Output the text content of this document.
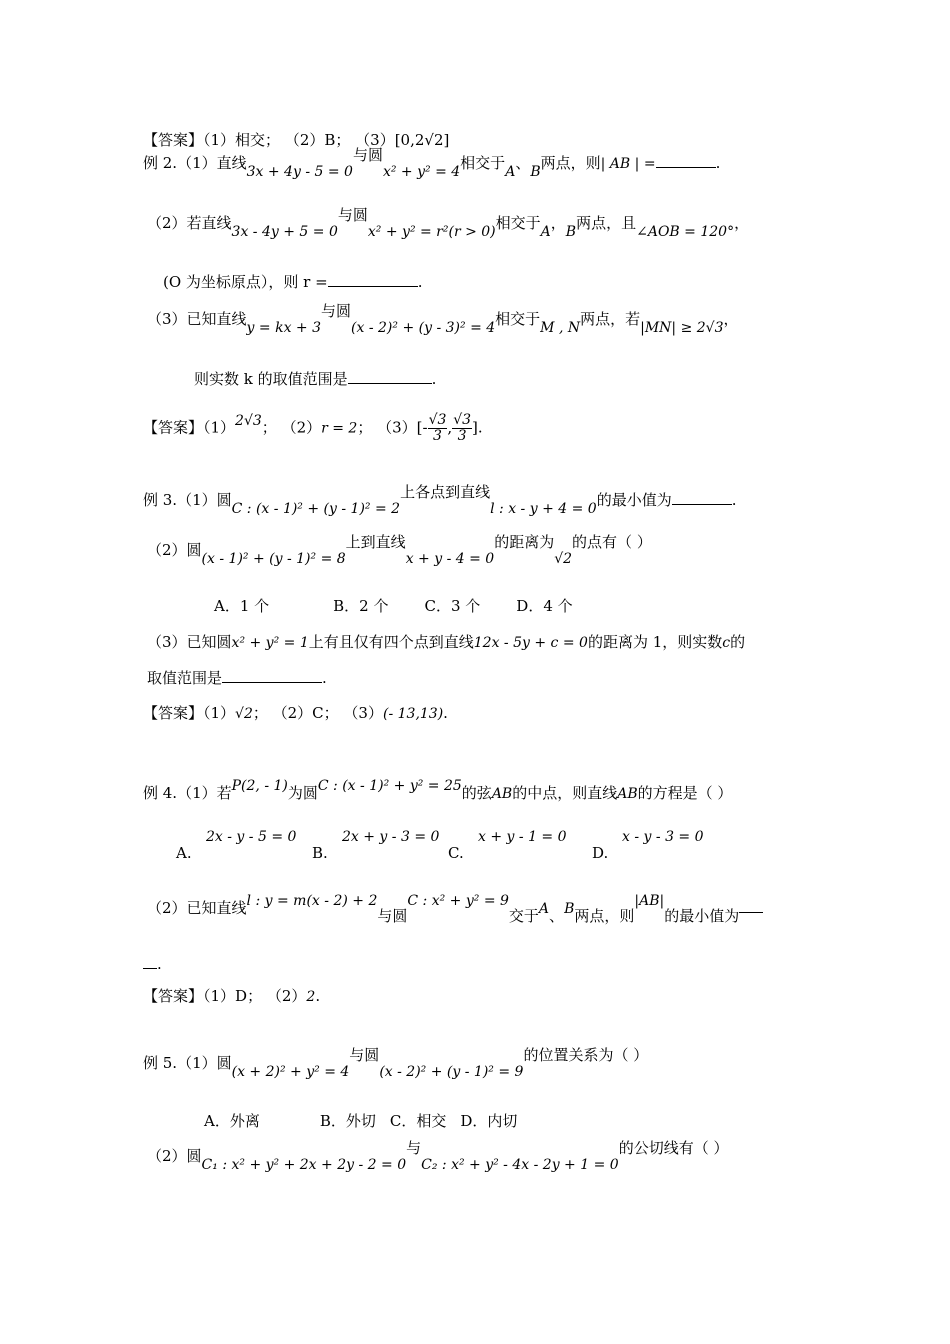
【答案】（1）相交； （2）B； （3）[0,2√2]
例 2.（1）直线3x + 4y - 5 = 0与圆x² + y² = 4相交于A、B两点，则| AB | =	.
（2）若直线3x - 4y + 5 = 0与圆x² + y² = r²(r > 0)相交于A，B两点，且∠AOB = 120°，
(O 为坐标原点），则 r =	.
（3）已知直线y = kx + 3与圆(x - 2)² + (y - 3)² = 4相交于M , N两点，若|MN| ≥ 2√3，
则实数 k 的取值范围是	.
【答案】（1）2√3； （2）r = 2； $(3)[- \frac{√3}{3}$ , $\frac{√3}{3}$ ].
例 3.（1）圆C : (x - 1)² + (y - 1)² = 2上各点到直线l : x - y + 4 = 0的最小值为	.
（2）圆(x - 1)² + (y - 1)² = 8上到直线x + y - 4 = 0的距离为√2的点有（ ）
A．1 个	B．2 个 C．3 个 D．4 个
（3）已知圆x² + y² = 1上有且仅有四个点到直线12x - 5y + c = 0的距离为 1，则实数c的
取值范围是	.
【答案】（1）√2； （2）C； （3）(- 13,13).
例 4.（1）若P(2, - 1)为圆C : (x - 1)² + y² = 25的弦AB的中点，则直线AB的方程是（ ）
2x - y - 5 = 0
A.
2x + y - 3 = 0
B.
x + y - 1 = 0
C.
x - y - 3 = 0
D.
（2）已知直线l : y = m(x - 2) + 2与圆C : x² + y² = 9交于A、B两点，则|AB|的最小值为
.
【答案】（1）D； （2）2.
例 5.（1）圆(x + 2)² + y² = 4与圆(x - 2)² + (y - 1)² = 9的位置关系为（ ）
A．外离	B．外切 C．相交 D．内切
（2）圆C₁ : x² + y² + 2x + 2y - 2 = 0与C₂ : x² + y² - 4x - 2y + 1 = 0的公切线有（ ）
